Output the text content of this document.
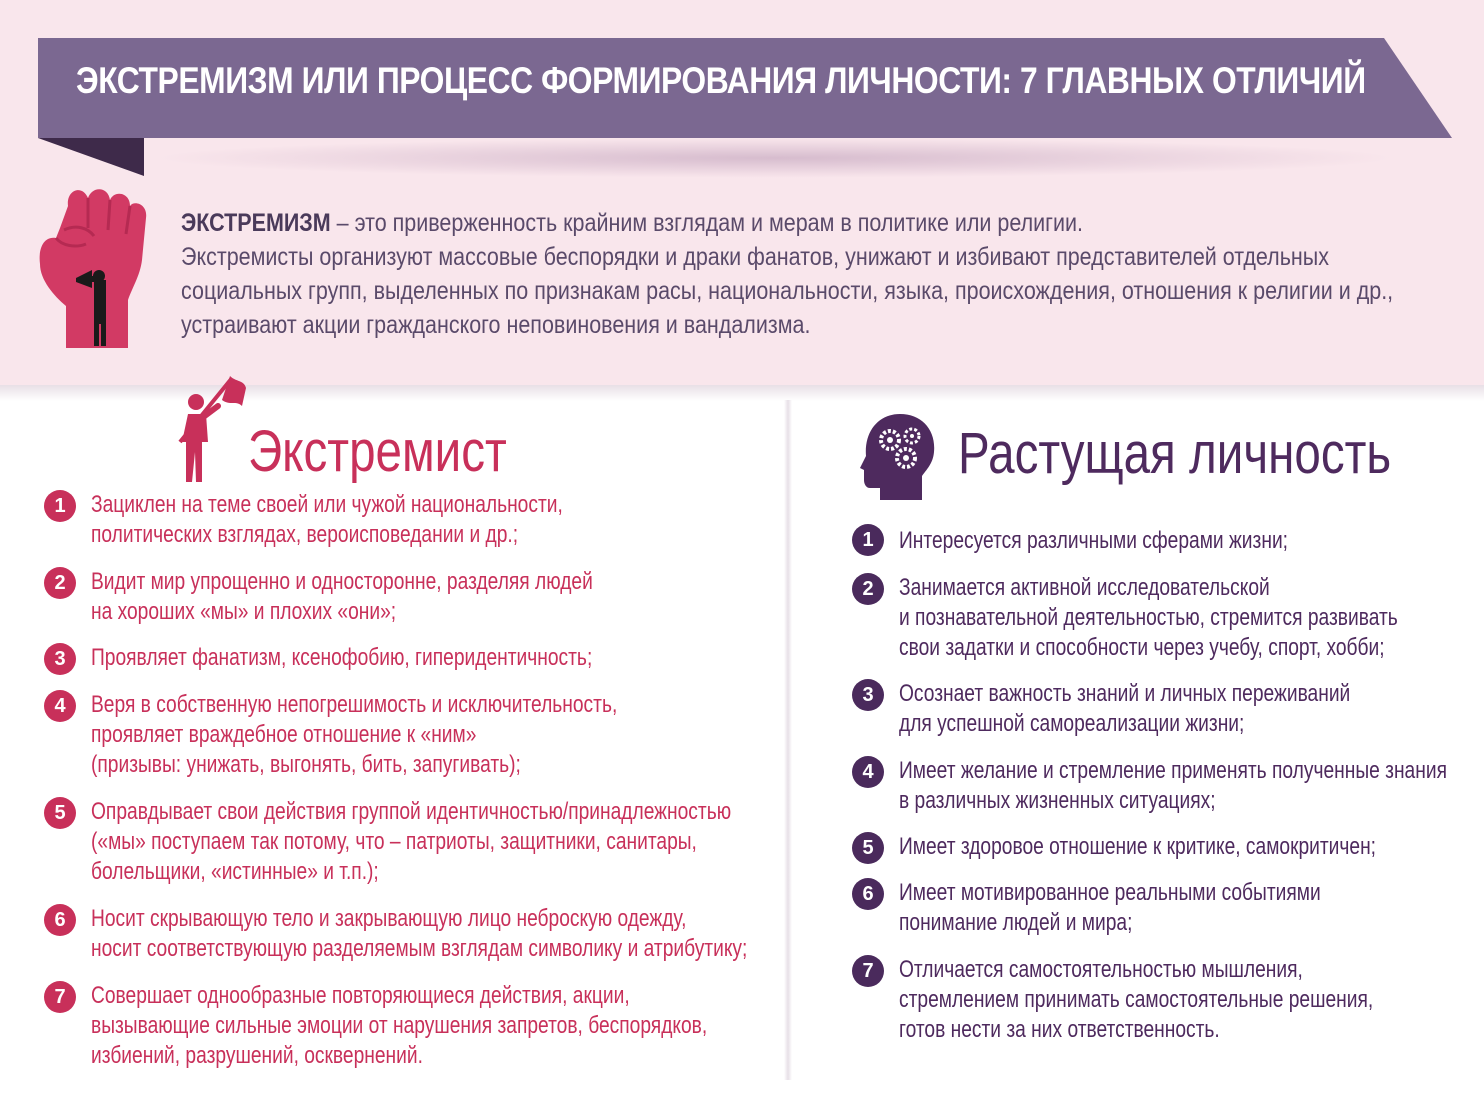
ЭКСТРЕМИЗМ ИЛИ ПРОЦЕСС ФОРМИРОВАНИЯ ЛИЧНОСТИ: 7 ГЛАВНЫХ ОТЛИЧИЙ
ЭКСТРЕМИЗМ – это приверженность крайним взглядам и мерам в политике или религии.
Экстремисты организуют массовые беспорядки и драки фанатов, унижают и избивают представителей отдельных
социальных групп, выделенных по признакам расы, национальности, языка, происхождения, отношения к религии и др.,
устраивают акции гражданского неповиновения и вандализма.
Экстремист	Растущая личность
1	Зациклен на теме своей или чужой национальности,
политических взглядах, вероисповедании и др.;
2	Видит мир упрощенно и односторонне, разделяя людей
на хороших «мы» и плохих «они»;
3	Проявляет фанатизм, ксенофобию, гиперидентичность;
4	Веря в собственную непогрешимость и исключительность,
проявляет враждебное отношение к «ним»
(призывы: унижать, выгонять, бить, запугивать);
5	Оправдывает свои действия группой идентичностью/принадлежностью
(«мы» поступаем так потому, что – патриоты, защитники, санитары,
болельщики, «истинные» и т.п.);
6	Носит скрывающую тело и закрывающую лицо неброскую одежду,
носит соответствующую разделяемым взглядам символику и атрибутику;
7	Совершает однообразные повторяющиеся действия, акции,
вызывающие сильные эмоции от нарушения запретов, беспорядков,
избиений, разрушений, осквернений.
1	Интересуется различными сферами жизни;
2	Занимается активной исследовательской
и познавательной деятельностью, стремится развивать
свои задатки и способности через учебу, спорт, хобби;
3	Осознает важность знаний и личных переживаний
для успешной самореализации жизни;
4	Имеет желание и стремление применять полученные знания
в различных жизненных ситуациях;
5	Имеет здоровое отношение к критике, самокритичен;
6	Имеет мотивированное реальными событиями
понимание людей и мира;
7	Отличается самостоятельностью мышления,
стремлением принимать самостоятельные решения,
готов нести за них ответственность.
